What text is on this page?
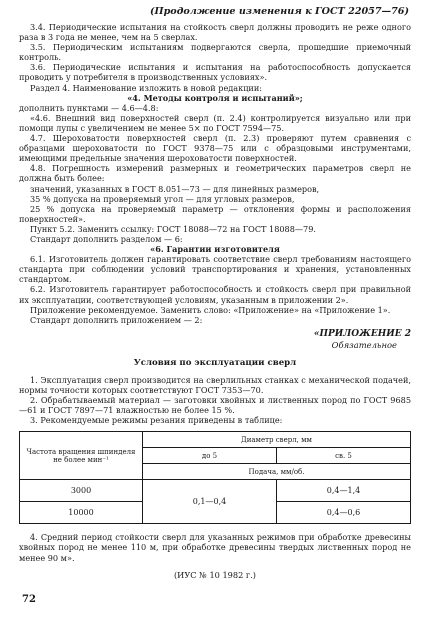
(Продолжение изменения к ГОСТ 22057—76)

3.4. Периодические испытания на стойкость сверл должны проводить не реже одного раза в 3 года не менее, чем на 5 сверлах.

3.5. Периодическим испытаниям подвергаются сверла, прошедшие приемочный контроль.

3.6. Периодические испытания и испытания на работоспособность допускается проводить у потребителя в производственных условиях».

Раздел 4. Наименование изложить в новой редакции:

«4. Методы контроля и испытаний»;

дополнить пунктами — 4.6—4.8:

«4.6. Внешний вид поверхностей сверл (п. 2.4) контролируется визуально или при помощи лупы с увеличением не менее 5× по ГОСТ 7594—75.

4.7. Шероховатости поверхностей сверл (п. 2.3) проверяют путем сравнения с образцами шероховатости по ГОСТ 9378—75 или с образцовыми инструментами, имеющими предельные значения шероховатости поверхностей.

4.8. Погрешность измерений размерных и геометрических параметров сверл не должна быть более:

значений, указанных в ГОСТ 8.051—73 — для линейных размеров,

35 % допуска на проверяемый угол — для угловых размеров,

25 % допуска на проверяемый параметр — отклонения формы и расположения поверхностей».

Пункт 5.2. Заменить ссылку: ГОСТ 18088—72 на ГОСТ 18088—79.

Стандарт дополнить разделом — 6:

«6. Гарантии изготовителя

6.1. Изготовитель должен гарантировать соответствие сверл требованиям настоящего стандарта при соблюдении условий транспортирования и хранения, установленных стандартом.

6.2. Изготовитель гарантирует работоспособность и стойкость сверл при правильной их эксплуатации, соответствующей условиям, указанным в приложении 2».

Приложение рекомендуемое. Заменить слово: «Приложение» на «Приложение 1».

Стандарт дополнить приложением — 2:

«ПРИЛОЖЕНИЕ 2
Обязательное
Условия по эксплуатации сверл

1. Эксплуатация сверл производится на сверлильных станках с механической подачей, нормы точности которых соответствуют ГОСТ 7353—70.

2. Обрабатываемый материал — заготовки хвойных и лиственных пород по ГОСТ 9685—61 и ГОСТ 7897—71 влажностью не более 15 %.

3. Рекомендуемые режимы резания приведены в таблице:

Частота вращения шпинделя не более мин⁻¹	Диаметр сверл, мм	
	до 5	св. 5
	Подача, мм/об.	
3000	0,1—0,4	0,4—1,4
10000		0,4—0,6

4. Средний период стойкости сверл для указанных режимов при обработке древесины хвойных пород не менее 110 м, при обработке древесины твердых лиственных пород не менее 90 м».

(ИУС № 10 1982 г.)
72
